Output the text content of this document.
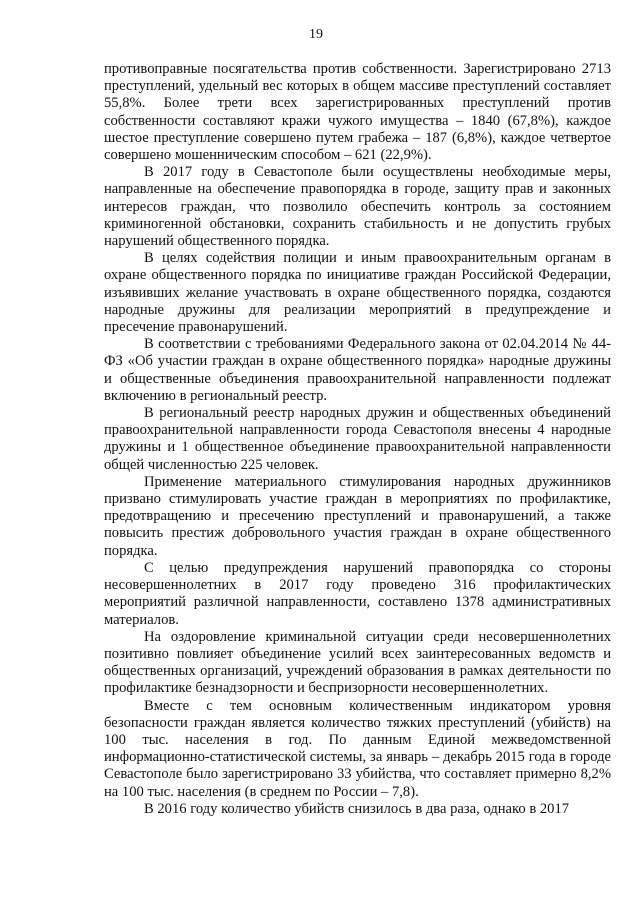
19

противоправные посягательства против собственности. Зарегистрировано 2713 преступлений, удельный вес которых в общем массиве преступлений составляет 55,8%. Более трети всех зарегистрированных преступлений против собственности составляют кражи чужого имущества – 1840 (67,8%), каждое шестое преступление совершено путем грабежа – 187 (6,8%), каждое четвертое совершено мошенническим способом – 621 (22,9%).

В 2017 году в Севастополе были осуществлены необходимые меры, направленные на обеспечение правопорядка в городе, защиту прав и законных интересов граждан, что позволило обеспечить контроль за состоянием криминогенной обстановки, сохранить стабильность и не допустить грубых нарушений общественного порядка.

В целях содействия полиции и иным правоохранительным органам в охране общественного порядка по инициативе граждан Российской Федерации, изъявивших желание участвовать в охране общественного порядка, создаются народные дружины для реализации мероприятий в предупреждение и пресечение правонарушений.

В соответствии с требованиями Федерального закона от 02.04.2014 № 44-ФЗ «Об участии граждан в охране общественного порядка» народные дружины и общественные объединения правоохранительной направленности подлежат включению в региональный реестр.

В региональный реестр народных дружин и общественных объединений правоохранительной направленности города Севастополя внесены 4 народные дружины и 1 общественное объединение правоохранительной направленности общей численностью 225 человек.

Применение материального стимулирования народных дружинников призвано стимулировать участие граждан в мероприятиях по профилактике, предотвращению и пресечению преступлений и правонарушений, а также повысить престиж добровольного участия граждан в охране общественного порядка.

С целью предупреждения нарушений правопорядка со стороны несовершеннолетних в 2017 году проведено 316 профилактических мероприятий различной направленности, составлено 1378 административных материалов.

На оздоровление криминальной ситуации среди несовершеннолетних позитивно повлияет объединение усилий всех заинтересованных ведомств и общественных организаций, учреждений образования в рамках деятельности по профилактике безнадзорности и беспризорности несовершеннолетних.

Вместе с тем основным количественным индикатором уровня безопасности граждан является количество тяжких преступлений (убийств) на 100 тыс. населения в год. По данным Единой межведомственной информационно-статистической системы, за январь – декабрь 2015 года в городе Севастополе было зарегистрировано 33 убийства, что составляет примерно 8,2% на 100 тыс. населения (в среднем по России – 7,8).

В 2016 году количество убийств снизилось в два раза, однако в 2017
